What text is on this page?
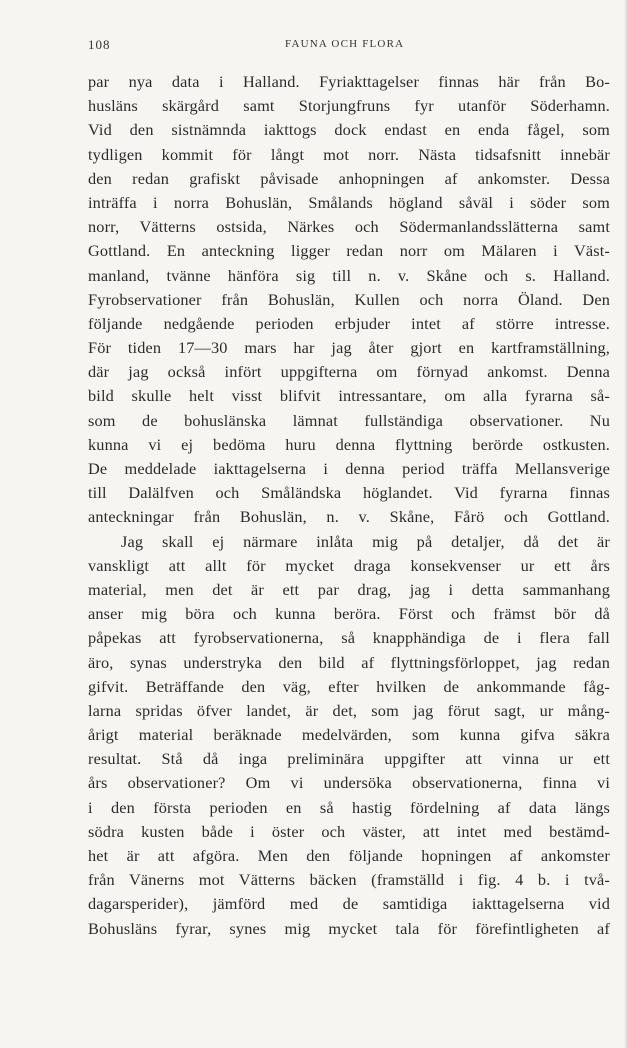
108	FAUNA OCH FLORA
par nya data i Halland. Fyriakttagelser finnas här från Bo-
husläns skärgård samt Storjungfruns fyr utanför Söderhamn.
Vid den sistnämnda iakttogs dock endast en enda fågel, som
tydligen kommit för långt mot norr. Nästa tidsafsnitt innebär
den redan grafiskt påvisade anhopningen af ankomster. Dessa
inträffa i norra Bohuslän, Smålands högland såväl i söder som
norr, Vätterns ostsida, Närkes och Södermanlandsslätterna samt
Gottland. En anteckning ligger redan norr om Mälaren i Väst-
manland, tvänne hänföra sig till n. v. Skåne och s. Halland.
Fyrobservationer från Bohuslän, Kullen och norra Öland. Den
följande nedgående perioden erbjuder intet af större intresse.
För tiden 17—30 mars har jag åter gjort en kartframställning,
där jag också infört uppgifterna om förnyad ankomst. Denna
bild skulle helt visst blifvit intressantare, om alla fyrarna så-
som de bohuslänska lämnat fullständiga observationer. Nu
kunna vi ej bedöma huru denna flyttning berörde ostkusten.
De meddelade iakttagelserna i denna period träffa Mellansverige
till Dalälfven och Småländska höglandet. Vid fyrarna finnas
anteckningar från Bohuslän, n. v. Skåne, Fårö och Gottland.
Jag skall ej närmare inlåta mig på detaljer, då det är
vanskligt att allt för mycket draga konsekvenser ur ett års
material, men det är ett par drag, jag i detta sammanhang
anser mig böra och kunna beröra. Först och främst bör då
påpekas att fyrobservationerna, så knapphändiga de i flera fall
äro, synas understryka den bild af flyttningsförloppet, jag redan
gifvit. Beträffande den väg, efter hvilken de ankommande fåg-
larna spridas öfver landet, är det, som jag förut sagt, ur mång-
årigt material beräknade medelvärden, som kunna gifva säkra
resultat. Stå då inga preliminära uppgifter att vinna ur ett
års observationer? Om vi undersöka observationerna, finna vi
i den första perioden en så hastig fördelning af data längs
södra kusten både i öster och väster, att intet med bestämd-
het är att afgöra. Men den följande hopningen af ankomster
från Vänerns mot Vätterns bäcken (framställd i fig. 4 b. i två-
dagarsperider), jämförd med de samtidiga iakttagelserna vid
Bohusläns fyrar, synes mig mycket tala för förefintligheten af
